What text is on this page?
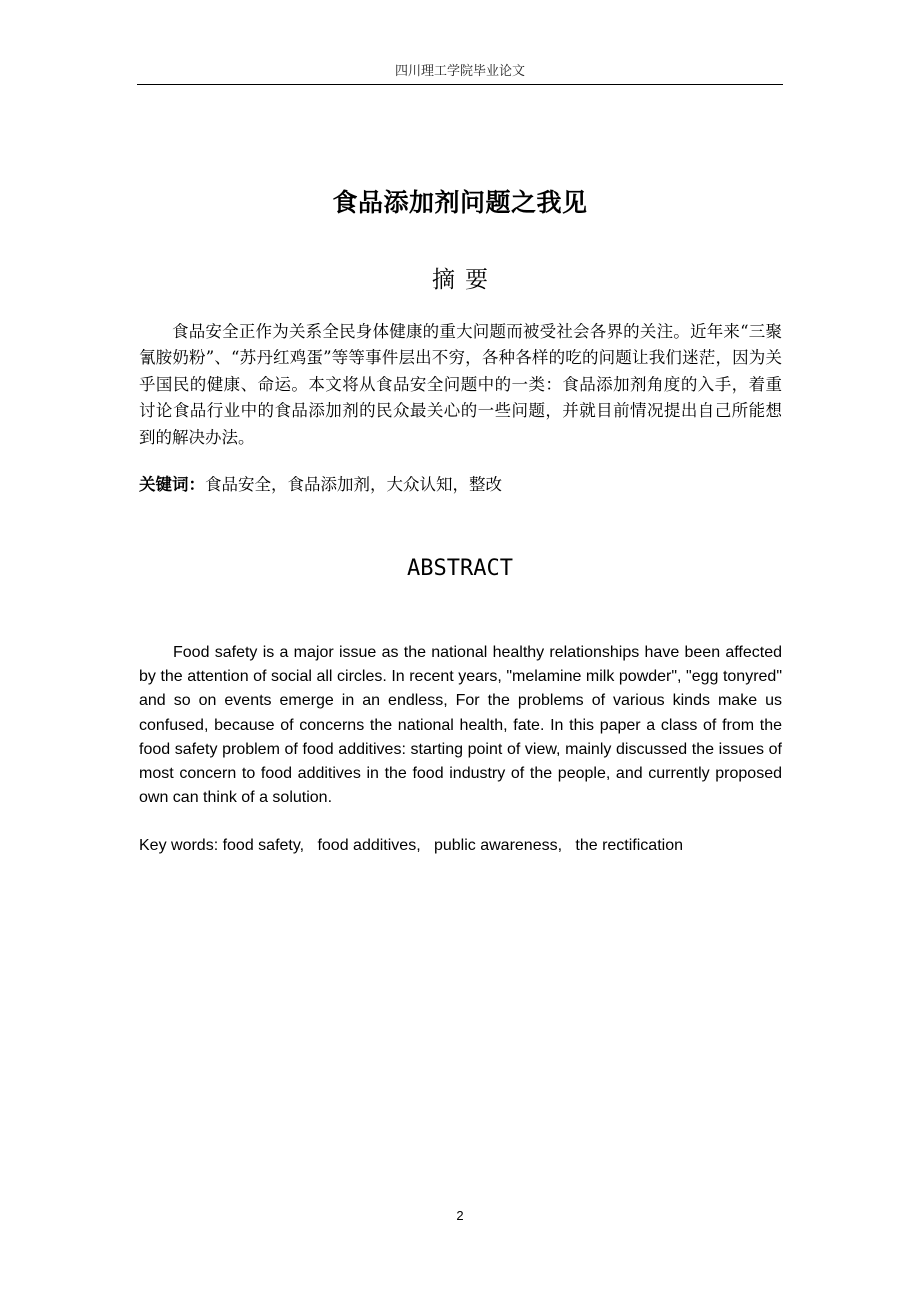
四川理工学院毕业论文
食品添加剂问题之我见
摘要

食品安全正作为关系全民身体健康的重大问题而被受社会各界的关注。近年来“三聚氰胺奶粉”、“苏丹红鸡蛋”等等事件层出不穷，各种各样的吃的问题让我们迷茫，因为关乎国民的健康、命运。本文将从食品安全问题中的一类：食品添加剂角度的入手，着重讨论食品行业中的食品添加剂的民众最关心的一些问题，并就目前情况提出自己所能想到的解决办法。

关键词：食品安全，食品添加剂，大众认知，整改

ABSTRACT

Food safety is a major issue as the national healthy relationships have been affected by the attention of social all circles. In recent years, "melamine milk powder", "egg tonyred" and so on events emerge in an endless, For the problems of various kinds make us confused, because of concerns the national health, fate. In this paper a class of from the food safety problem of food additives: starting point of view, mainly discussed the issues of most concern to food additives in the food industry of the people, and currently proposed own can think of a solution.

Key words: food safety,   food additives,   public awareness,   the rectification

2
